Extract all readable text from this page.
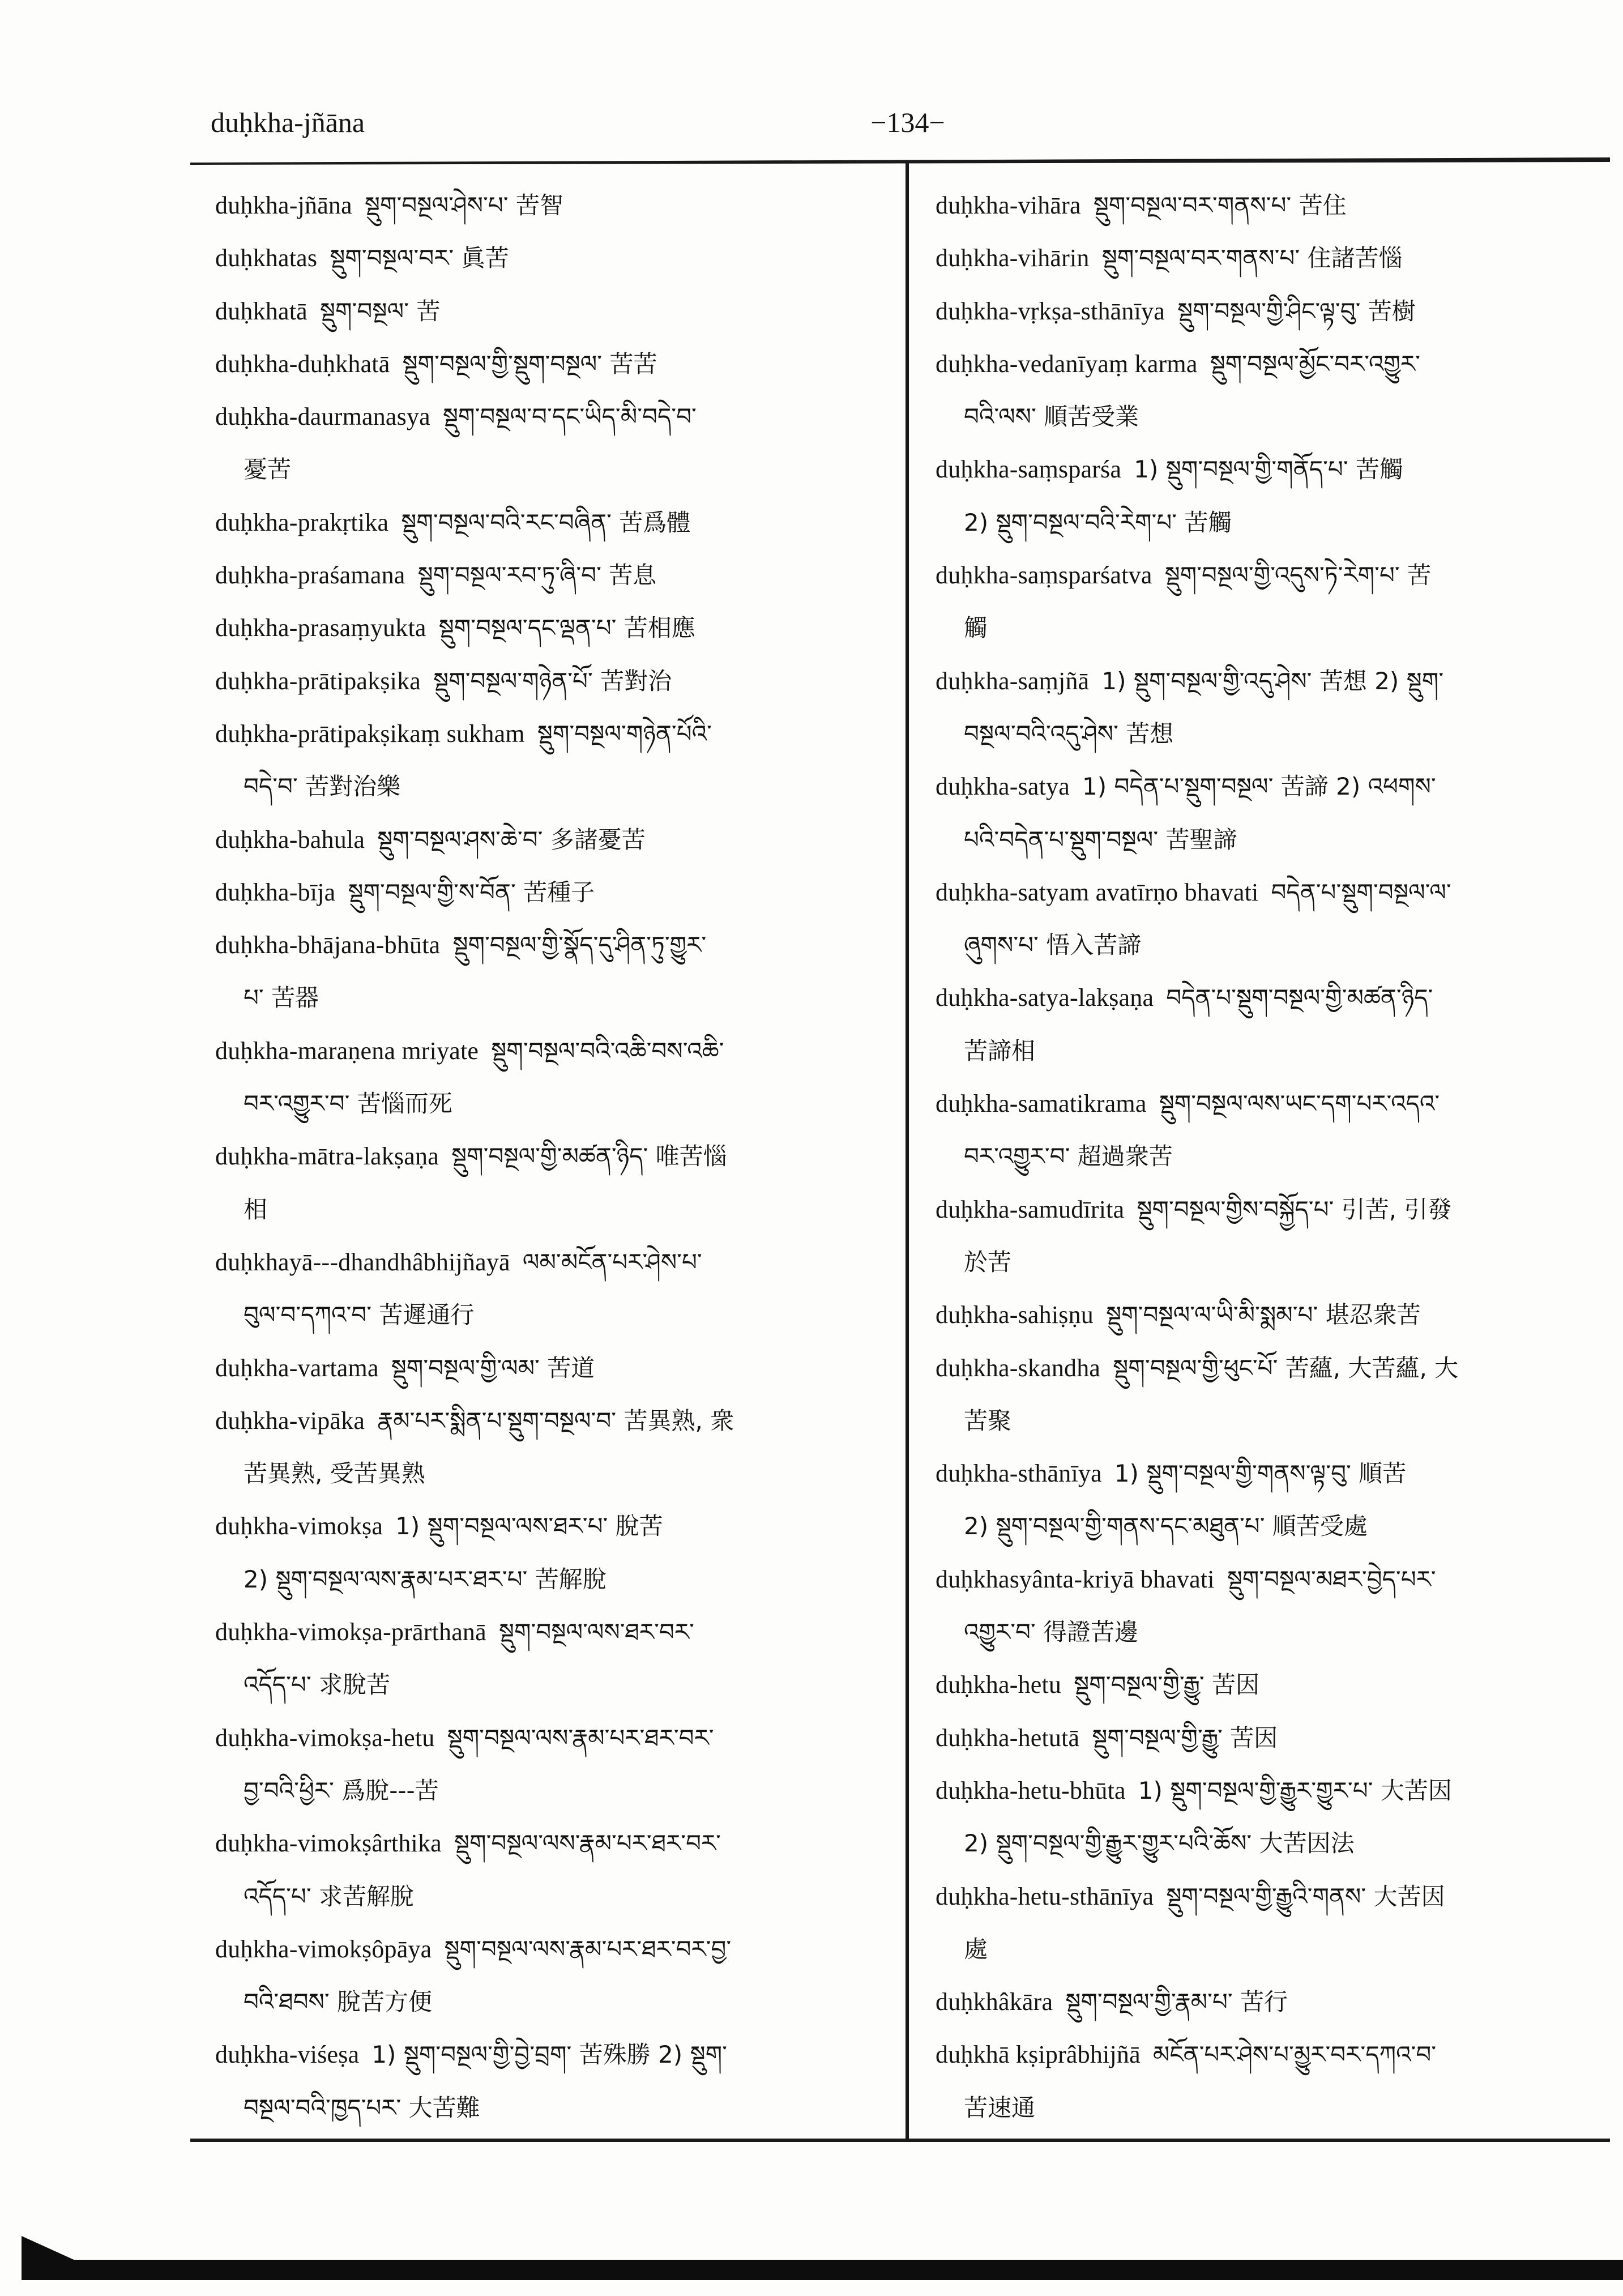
duḥkha-jñāna	−134−
duḥkha-jñāna སྡུག་བསྔལ་ཤེས་པ་ 苦智
duḥkhatas སྡུག་བསྔལ་བར་ 眞苦
duḥkhatā སྡུག་བསྔལ་ 苦
duḥkha-duḥkhatā སྡུག་བསྔལ་གྱི་སྡུག་བསྔལ་ 苦苦
duḥkha-daurmanasya སྡུག་བསྔལ་བ་དང་ཡིད་མི་བདེ་བ་
憂苦
duḥkha-prakṛtika སྡུག་བསྔལ་བའི་རང་བཞིན་ 苦爲體
duḥkha-praśamana སྡུག་བསྔལ་རབ་ཏུ་ཞི་བ་ 苦息
duḥkha-prasaṃyukta སྡུག་བསྔལ་དང་ལྡན་པ་ 苦相應
duḥkha-prātipakṣika སྡུག་བསྔལ་གཉེན་པོ་ 苦對治
duḥkha-prātipakṣikaṃ sukham སྡུག་བསྔལ་གཉེན་པོའི་
བདེ་བ་ 苦對治樂
duḥkha-bahula སྡུག་བསྔལ་ཤས་ཆེ་བ་ 多諸憂苦
duḥkha-bīja སྡུག་བསྔལ་གྱི་ས་བོན་ 苦種子
duḥkha-bhājana-bhūta སྡུག་བསྔལ་གྱི་སྣོད་དུ་ཤིན་ཏུ་གྱུར་
པ་ 苦器
duḥkha-maraṇena mriyate སྡུག་བསྔལ་བའི་འཆི་བས་འཆི་
བར་འགྱུར་བ་ 苦惱而死
duḥkha-mātra-lakṣaṇa སྡུག་བསྔལ་གྱི་མཚན་ཉིད་ 唯苦惱
相
duḥkhayā---dhandhâbhijñayā ལམ་མངོན་པར་ཤེས་པ་
བུལ་བ་དཀའ་བ་ 苦遲通行
duḥkha-vartama སྡུག་བསྔལ་གྱི་ལམ་ 苦道
duḥkha-vipāka རྣམ་པར་སྨིན་པ་སྡུག་བསྔལ་བ་ 苦異熟, 衆
苦異熟, 受苦異熟
duḥkha-vimokṣa 1) སྡུག་བསྔལ་ལས་ཐར་པ་ 脫苦
2) སྡུག་བསྔལ་ལས་རྣམ་པར་ཐར་པ་ 苦解脫
duḥkha-vimokṣa-prārthanā སྡུག་བསྔལ་ལས་ཐར་བར་
འདོད་པ་ 求脫苦
duḥkha-vimokṣa-hetu སྡུག་བསྔལ་ལས་རྣམ་པར་ཐར་བར་
བྱ་བའི་ཕྱིར་ 爲脫---苦
duḥkha-vimokṣârthika སྡུག་བསྔལ་ལས་རྣམ་པར་ཐར་བར་
འདོད་པ་ 求苦解脫
duḥkha-vimokṣôpāya སྡུག་བསྔལ་ལས་རྣམ་པར་ཐར་བར་བྱ་
བའི་ཐབས་ 脫苦方便
duḥkha-viśeṣa 1) སྡུག་བསྔལ་གྱི་བྱེ་བྲག་ 苦殊勝 2) སྡུག་
བསྔལ་བའི་ཁྱད་པར་ 大苦難
duḥkha-vihāra སྡུག་བསྔལ་བར་གནས་པ་ 苦住
duḥkha-vihārin སྡུག་བསྔལ་བར་གནས་པ་ 住諸苦惱
duḥkha-vṛkṣa-sthānīya སྡུག་བསྔལ་གྱི་ཤིང་ལྟ་བུ་ 苦樹
duḥkha-vedanīyaṃ karma སྡུག་བསྔལ་མྱོང་བར་འགྱུར་
བའི་ལས་ 順苦受業
duḥkha-saṃsparśa 1) སྡུག་བསྔལ་གྱི་གནོད་པ་ 苦觸
2) སྡུག་བསྔལ་བའི་རེག་པ་ 苦觸
duḥkha-saṃsparśatva སྡུག་བསྔལ་གྱི་འདུས་ཏེ་རེག་པ་ 苦
觸
duḥkha-saṃjñā 1) སྡུག་བསྔལ་གྱི་འདུ་ཤེས་ 苦想 2) སྡུག་
བསྔལ་བའི་འདུ་ཤེས་ 苦想
duḥkha-satya 1) བདེན་པ་སྡུག་བསྔལ་ 苦諦 2) འཕགས་
པའི་བདེན་པ་སྡུག་བསྔལ་ 苦聖諦
duḥkha-satyam avatīrṇo bhavati བདེན་པ་སྡུག་བསྔལ་ལ་
ཞུགས་པ་ 悟入苦諦
duḥkha-satya-lakṣaṇa བདེན་པ་སྡུག་བསྔལ་གྱི་མཚན་ཉིད་
苦諦相
duḥkha-samatikrama སྡུག་བསྔལ་ལས་ཡང་དག་པར་འདའ་
བར་འགྱུར་བ་ 超過衆苦
duḥkha-samudīrita སྡུག་བསྔལ་གྱིས་བསྐྱོད་པ་ 引苦, 引發
於苦
duḥkha-sahiṣṇu སྡུག་བསྔལ་ལ་ཡི་མི་སྨམ་པ་ 堪忍衆苦
duḥkha-skandha སྡུག་བསྔལ་གྱི་ཕུང་པོ་ 苦蘊, 大苦蘊, 大
苦聚
duḥkha-sthānīya 1) སྡུག་བསྔལ་གྱི་གནས་ལྟ་བུ་ 順苦
2) སྡུག་བསྔལ་གྱི་གནས་དང་མཐུན་པ་ 順苦受處
duḥkhasyânta-kriyā bhavati སྡུག་བསྔལ་མཐར་བྱེད་པར་
འགྱུར་བ་ 得證苦邊
duḥkha-hetu སྡུག་བསྔལ་གྱི་རྒྱུ་ 苦因
duḥkha-hetutā སྡུག་བསྔལ་གྱི་རྒྱུ་ 苦因
duḥkha-hetu-bhūta 1) སྡུག་བསྔལ་གྱི་རྒྱུར་གྱུར་པ་ 大苦因
2) སྡུག་བསྔལ་གྱི་རྒྱུར་གྱུར་པའི་ཆོས་ 大苦因法
duḥkha-hetu-sthānīya སྡུག་བསྔལ་གྱི་རྒྱུའི་གནས་ 大苦因
處
duḥkhâkāra སྡུག་བསྔལ་གྱི་རྣམ་པ་ 苦行
duḥkhā kṣiprâbhijñā མངོན་པར་ཤེས་པ་མྱུར་བར་དཀའ་བ་
苦速通
